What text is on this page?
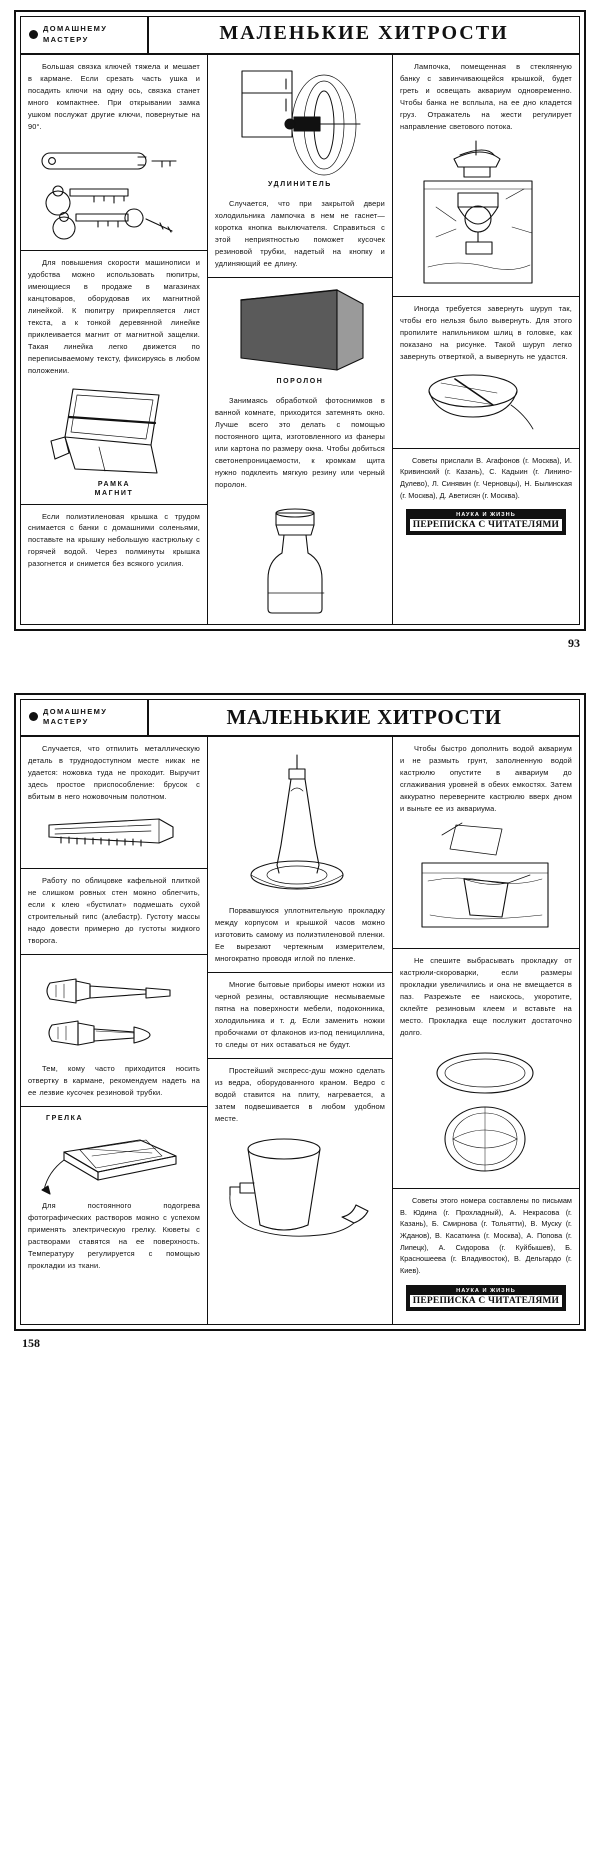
ДОМАШНЕМУ
МАСТЕРУ	МАЛЕНЬКИЕ ХИТРОСТИ

Большая связка ключей тяжела и мешает в кармане. Если срезать часть ушка и посадить ключи на одну ось, связка станет много компактнее. При открывании замка ушком послужат другие ключи, повернутые на 90°.

Для повышения скорости машинописи и удобства можно использовать пюпитры, имеющиеся в продаже в магазинах канцтоваров, оборудовав их магнитной линейкой. К пюпитру прикрепляется лист текста, а к тонкой деревянной линейке приклеивается магнит от магнитной защелки. Такая линейка легко движется по переписываемому тексту, фиксируясь в любом положении.

РАМКА
МАГНИТ

Если полиэтиленовая крышка с трудом снимается с банки с домашними соленьями, поставьте на крышку небольшую кастрюльку с горячей водой. Через полминуты крышка разогнется и снимется без всякого усилия.

УДЛИНИТЕЛЬ

Случается, что при закрытой двери холодильника лампочка в нем не гаснет—коротка кнопка выключателя. Справиться с этой неприятностью поможет кусочек резиновой трубки, надетый на кнопку и удлиняющий ее длину.

ПОРОЛОН

Занимаясь обработкой фотоснимков в ванной комнате, приходится затемнять окно. Лучше всего это делать с помощью постоянного щита, изготовленного из фанеры или картона по размеру окна. Чтобы добиться светонепроницаемости, к кромкам щита нужно подклеить мягкую резину или черный поролон.

Лампочка, помещенная в стеклянную банку с завинчивающейся крышкой, будет греть и освещать аквариум одновременно. Чтобы банка не всплыла, на ее дно кладется груз. Отражатель на жести регулирует направление светового потока.

Иногда требуется завернуть шуруп так, чтобы его нельзя было вывернуть. Для этого пропилите напильником шлиц в головке, как показано на рисунке. Такой шуруп легко завернуть отверткой, а вывернуть не удастся.

Советы прислали В. Агафонов (г. Москва), И. Кривинский (г. Казань), С. Кадыин (г. Линино-Дулево), Л. Синявин (г. Черновцы), Н. Былинская (г. Москва), Д. Аветисян (г. Москва).

НАУКА И ЖИЗНЬ
ПЕРЕПИСКА С ЧИТАТЕЛЯМИ
93
ДОМАШНЕМУ
МАСТЕРУ	МАЛЕНЬКИЕ ХИТРОСТИ

Случается, что отпилить металлическую деталь в труднодоступном месте никак не удается: ножовка туда не проходит. Выручит здесь простое приспособление: брусок с вбитым в него ножовочным полотном.

Работу по облицовке кафельной плиткой не слишком ровных стен можно облегчить, если к клею «бустилат» подмешать сухой строительный гипс (алебастр). Густоту массы надо довести примерно до густоты жидкого творога.

Тем, кому часто приходится носить отвертку в кармане, рекомендуем надеть на ее лезвие кусочек резиновой трубки.

ГРЕЛКА

Для постоянного подогрева фотографических растворов можно с успехом применять электрическую грелку. Кюветы с растворами ставятся на ее поверхность. Температуру регулируется с помощью прокладки из ткани.

Порвавшуюся уплотнительную прокладку между корпусом и крышкой часов можно изготовить самому из полиэтиленовой пленки. Ее вырезают чертежным измерителем, многократно проводя иглой по пленке.

Многие бытовые приборы имеют ножки из черной резины, оставляющие несмываемые пятна на поверхности мебели, подоконника, холодильника и т. д. Если заменить ножки пробочками от флаконов из-под пенициллина, то следы от них оставаться не будут.

Простейший экспресс-душ можно сделать из ведра, оборудованного краном. Ведро с водой ставится на плиту, нагревается, а затем подвешивается в любом удобном месте.

Чтобы быстро дополнить водой аквариум и не размыть грунт, заполненную водой кастрюлю опустите в аквариум до сглаживания уровней в обеих емкостях. Затем аккуратно переверните кастрюлю вверх дном и выньте ее из аквариума.

Не спешите выбрасывать прокладку от кастрюли-скороварки, если размеры прокладки увеличились и она не вмещается в паз. Разрежьте ее наискось, укоротите, склейте резиновым клеем и вставьте на место. Прокладка еще послужит достаточно долго.

Советы этого номера составлены по письмам В. Юдина (г. Прохладный), А. Некрасова (г. Казань), Б. Смирнова (г. Тольятти), В. Муску (г. Жданов), В. Касаткина (г. Москва), А. Попова (г. Липецк), А. Сидорова (г. Куйбышев), Б. Красношеева (г. Владивосток), В. Дельгардо (г. Киев).

НАУКА И ЖИЗНЬ
ПЕРЕПИСКА С ЧИТАТЕЛЯМИ
158
